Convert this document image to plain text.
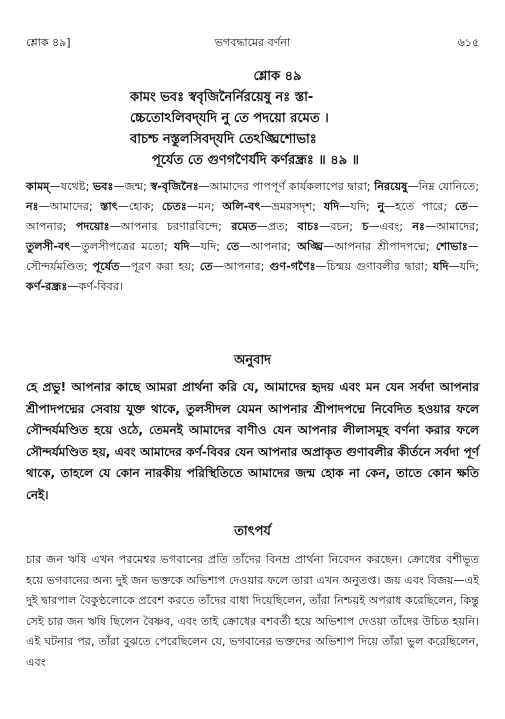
শ্লোক ৪৯]	ভগবদ্ধামের বর্ণনা	৬১৫
শ্লোক ৪৯
কামং ভবঃ স্ববৃজিনৈর্নিরয়েষু নঃ স্তা-
চ্চেতোঽলিবদ্‌যদি নু তে পদয়ো রমেত ।
বাচশ্চ নস্তুলসিবদ্‌যদি তেঽঙ্ঘ্রিশোভাঃ
পূর্যেত তে গুণগণৈর্যদি কর্ণরন্ধ্রঃ ॥ ৪৯ ॥
কামম্—যথেষ্ট; ভবঃ—জন্ম; স্ব-বৃজিনৈঃ—আমাদের পাপপূর্ণ কার্যকলাপের দ্বারা; নিরয়েষু—নিম্ন যোনিতে; নঃ—আমাদের; স্তাৎ—হোক; চেতঃ—মন; অলি-বৎ—ভ্রমরসদৃশ; যদি—যদি; নু—হতে পারে; তে—আপনার; পদয়োঃ—আপনার চরণারবিন্দে; রমেত—প্রত; বাচঃ—বচন; চ—এবং; নঃ—আমাদের; তুলসী-বৎ—তুলসীপত্রের মতো; যদি—যদি; তে—আপনার; অঙ্ঘ্রি—আপনার শ্রীপাদপদ্মে; শোভাঃ—সৌন্দর্যমণ্ডিত; পূর্যেত—পূরণ করা হয়; তে—আপনার; গুণ-গণৈঃ—চিন্ময় গুণাবলীর দ্বারা; যদি—যদি; কর্ণ-রন্ধ্রঃ—কর্ণ-বিবর।
অনুবাদ

হে প্রভু! আপনার কাছে আমরা প্রার্থনা করি যে, আমাদের হৃদয় এবং মন যেন সর্বদা আপনার শ্রীপাদপদ্মের সেবায় যুক্ত থাকে, তুলসীদল যেমন আপনার শ্রীপাদপদ্মে নিবেদিত হওয়ার ফলে সৌন্দর্যমণ্ডিত হয়ে ওঠে, তেমনই আমাদের বাণীও যেন আপনার লীলাসমূহ বর্ণনা করার ফলে সৌন্দর্যমণ্ডিত হয়, এবং আমাদের কর্ণ-বিবর যেন আপনার অপ্রাকৃত গুণাবলীর কীর্তনে সর্বদা পূর্ণ থাকে, তাহলে যে কোন নারকীয় পরিস্থিতিতে আমাদের জন্ম হোক না কেন, তাতে কোন ক্ষতি নেই।

তাৎপর্য

চার জন ঋষি এখন পরমেশ্বর ভগবানের প্রতি তাঁদের বিনম্র প্রার্থনা নিবেদন করছেন। ক্রোধের বশীভূত হয়ে ভগবানের অন্য দুই জন ভক্তকে অভিশাপ দেওয়ার ফলে তারা এখন অনুতপ্ত। জয় এবং বিজয়—এই দুই দ্বারপাল বৈকুণ্ঠলোকে প্রবেশ করতে তাঁদের বাধা দিয়েছিলেন, তাঁরা নিশ্চয়ই অপরাধ করেছিলেন, কিন্তু সেই চার জন ঋষি ছিলেন বৈষ্ণব, এবং তাই ক্রোধের বশবর্তী হয়ে অভিশাপ দেওয়া তাঁদের উচিত হয়নি। এই ঘটনার পর, তাঁরা বুঝতে পেরেছিলেন যে, ভগবানের ভক্তদের অভিশাপ দিয়ে তাঁরা ভুল করেছিলেন, এবং
